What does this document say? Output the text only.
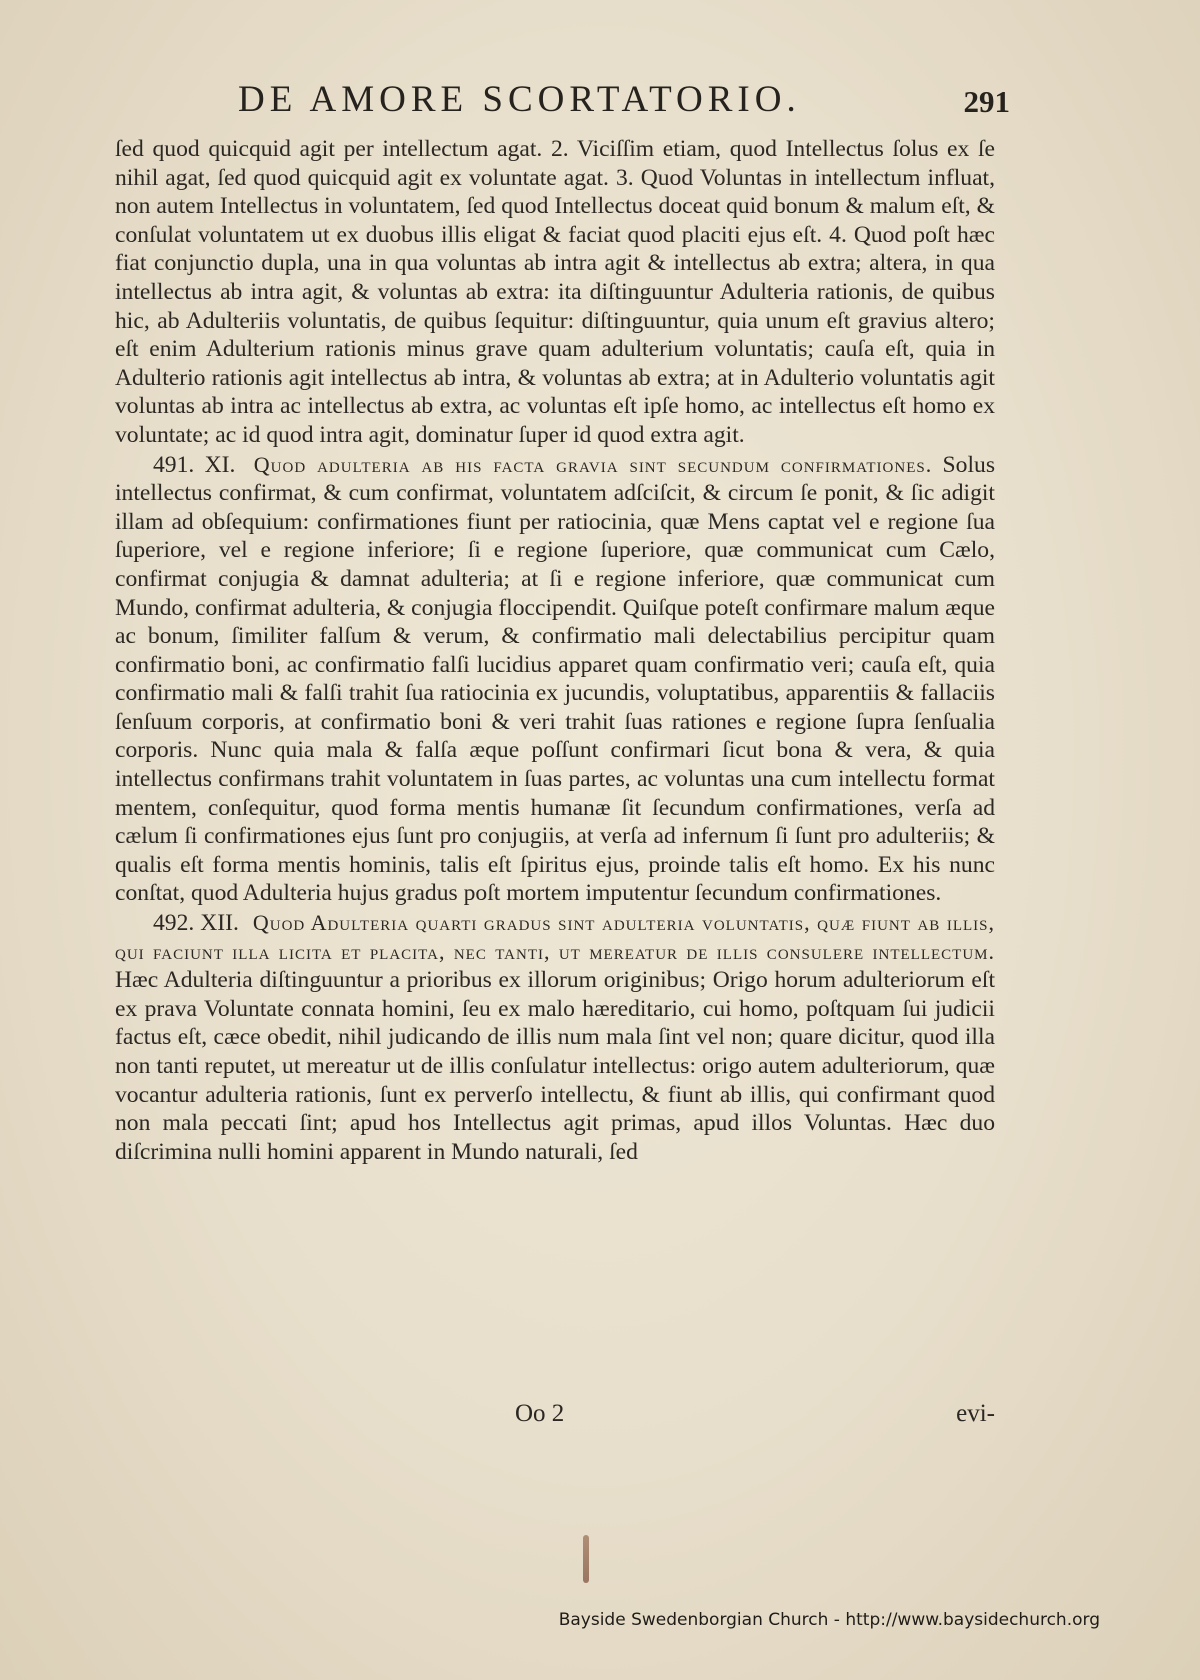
DE AMORE SCORTATORIO.	291

ſed quod quicquid agit per intellectum agat. 2. Viciſſim etiam, quod Intellectus ſolus ex ſe nihil agat, ſed quod quicquid agit ex voluntate agat. 3. Quod Voluntas in intellectum influat, non autem Intellectus in voluntatem, ſed quod Intellectus doceat quid bonum & malum eſt, & conſulat voluntatem ut ex duobus illis eligat & faciat quod placiti ejus eſt. 4. Quod poſt hæc fiat conjunctio dupla, una in qua voluntas ab intra agit & intellectus ab extra; altera, in qua intellectus ab intra agit, & voluntas ab extra: ita diſtinguuntur Adulteria rationis, de quibus hic, ab Adulteriis voluntatis, de quibus ſequitur: diſtinguuntur, quia unum eſt gravius altero; eſt enim Adulterium rationis minus grave quam adulterium voluntatis; cauſa eſt, quia in Adulterio rationis agit intellectus ab intra, & voluntas ab extra; at in Adulterio voluntatis agit voluntas ab intra ac intellectus ab extra, ac voluntas eſt ipſe homo, ac intellectus eſt homo ex voluntate; ac id quod intra agit, dominatur ſuper id quod extra agit.

491. XI. Quod adulteria ab his facta gravia sint secundum confirmationes. Solus intellectus confirmat, & cum confirmat, voluntatem adſciſcit, & circum ſe ponit, & ſic adigit illam ad obſequium: confirmationes fiunt per ratiocinia, quæ Mens captat vel e regione ſua ſuperiore, vel e regione inferiore; ſi e regione ſuperiore, quæ communicat cum Cælo, confirmat conjugia & damnat adulteria; at ſi e regione inferiore, quæ communicat cum Mundo, confirmat adulteria, & conjugia floccipendit. Quiſque poteſt confirmare malum æque ac bonum, ſimiliter falſum & verum, & confirmatio mali delectabilius percipitur quam confirmatio boni, ac confirmatio falſi lucidius apparet quam confirmatio veri; cauſa eſt, quia confirmatio mali & falſi trahit ſua ratiocinia ex jucundis, voluptatibus, apparentiis & fallaciis ſenſuum corporis, at confirmatio boni & veri trahit ſuas rationes e regione ſupra ſenſualia corporis. Nunc quia mala & falſa æque poſſunt confirmari ſicut bona & vera, & quia intellectus confirmans trahit voluntatem in ſuas partes, ac voluntas una cum intellectu format mentem, conſequitur, quod forma mentis humanæ ſit ſecundum confirmationes, verſa ad cælum ſi confirmationes ejus ſunt pro conjugiis, at verſa ad infernum ſi ſunt pro adulteriis; & qualis eſt forma mentis hominis, talis eſt ſpiritus ejus, proinde talis eſt homo. Ex his nunc conſtat, quod Adulteria hujus gradus poſt mortem imputentur ſecundum confirmationes.

492. XII. Quod Adulteria quarti gradus sint adulteria voluntatis, quæ fiunt ab illis, qui faciunt illa licita et placita, nec tanti, ut mereatur de illis consulere intellectum. Hæc Adulteria diſtinguuntur a prioribus ex illorum originibus; Origo horum adulteriorum eſt ex prava Voluntate connata homini, ſeu ex malo hæreditario, cui homo, poſtquam ſui judicii factus eſt, cæce obedit, nihil judicando de illis num mala ſint vel non; quare dicitur, quod illa non tanti reputet, ut mereatur ut de illis conſulatur intellectus: origo autem adulteriorum, quæ vocantur adulteria rationis, ſunt ex perverſo intellectu, & fiunt ab illis, qui confirmant quod non mala peccati ſint; apud hos Intellectus agit primas, apud illos Voluntas. Hæc duo diſcrimina nulli homini apparent in Mundo naturali, ſed

Oo 2	evi-
Bayside Swedenborgian Church - http://www.baysidechurch.org
